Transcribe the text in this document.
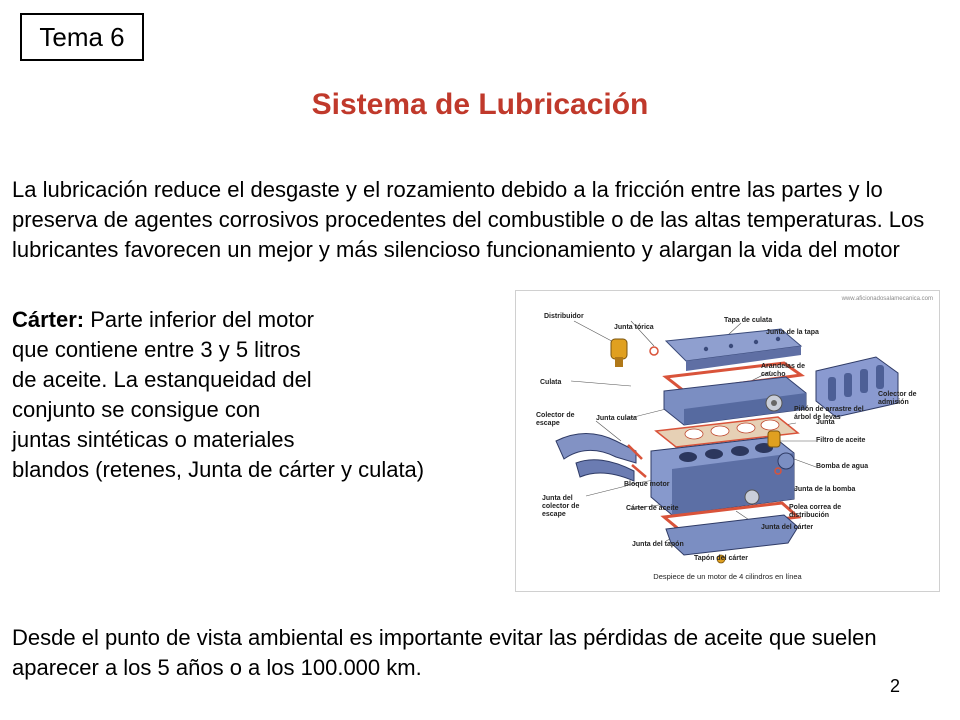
Tema 6
Sistema de Lubricación

La lubricación reduce el desgaste y el rozamiento debido a la fricción entre las partes y lo preserva de agentes corrosivos procedentes del combustible o de las altas temperaturas. Los lubricantes favorecen un mejor y más silencioso funcionamiento y alargan la vida del motor

Cárter: Parte inferior del motor
que contiene entre 3 y 5 litros
de aceite. La estanqueidad del
conjunto se consigue con
juntas sintéticas o materiales
blandos (retenes, Junta de cárter y culata)

www.aficionadosalamecanica.com
Distribuidor
Junta tórica
Tapa de culata
Junta de la tapa
Culata
Arandelas de caucho
Colector de admisión
Junta culata
Piñón de arrastre del árbol de levas
Colector de escape	Junta
Filtro de aceite
Bomba de agua
Bloque motor
Junta de la bomba
Junta del colector de escape
Cárter de aceite	Polea correa de distribución
Junta del cárter
Junta del tapón
Tapón del cárter
Despiece de un motor de 4 cilindros en línea

Desde el punto de vista ambiental es importante evitar las pérdidas de aceite que suelen aparecer a los 5 años o a los 100.000 km.

2
